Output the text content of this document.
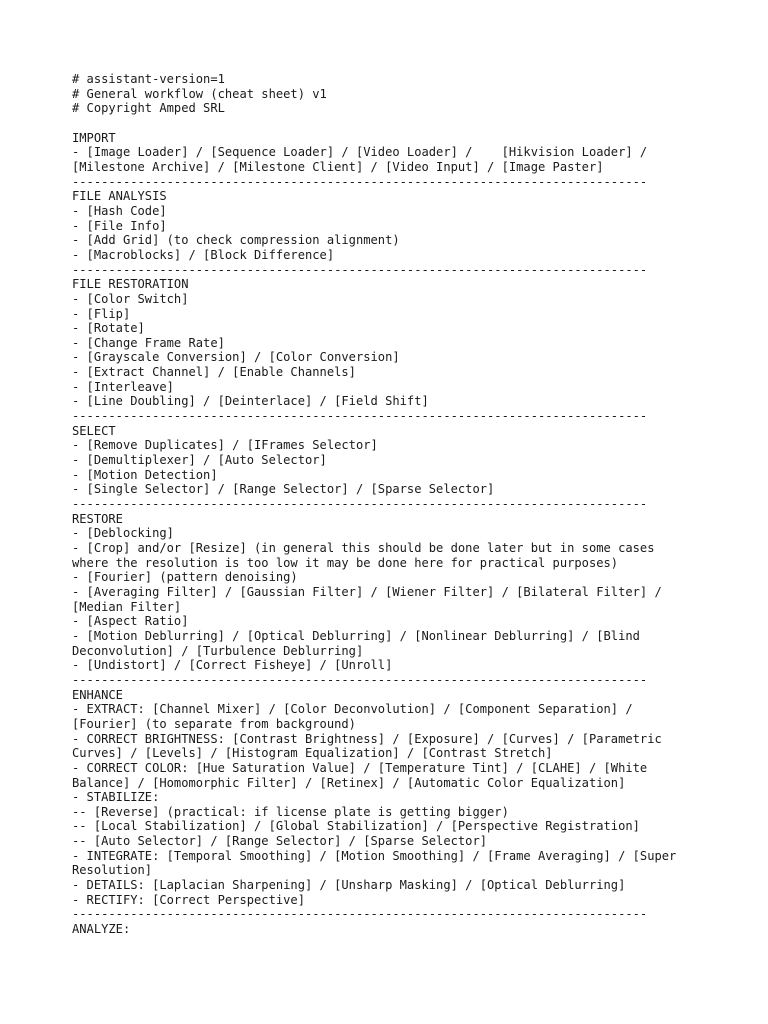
# assistant-version=1
# General workflow (cheat sheet) v1
# Copyright Amped SRL

IMPORT
- [Image Loader] / [Sequence Loader] / [Video Loader] /    [Hikvision Loader] /
[Milestone Archive] / [Milestone Client] / [Video Input] / [Image Paster]
-------------------------------------------------------------------------------
FILE ANALYSIS
- [Hash Code]
- [File Info]
- [Add Grid] (to check compression alignment)
- [Macroblocks] / [Block Difference]
-------------------------------------------------------------------------------
FILE RESTORATION
- [Color Switch]
- [Flip]
- [Rotate]
- [Change Frame Rate]
- [Grayscale Conversion] / [Color Conversion]
- [Extract Channel] / [Enable Channels]
- [Interleave]
- [Line Doubling] / [Deinterlace] / [Field Shift]
-------------------------------------------------------------------------------
SELECT
- [Remove Duplicates] / [IFrames Selector]
- [Demultiplexer] / [Auto Selector]
- [Motion Detection]
- [Single Selector] / [Range Selector] / [Sparse Selector]
-------------------------------------------------------------------------------
RESTORE
- [Deblocking]
- [Crop] and/or [Resize] (in general this should be done later but in some cases
where the resolution is too low it may be done here for practical purposes)
- [Fourier] (pattern denoising)
- [Averaging Filter] / [Gaussian Filter] / [Wiener Filter] / [Bilateral Filter] /
[Median Filter]
- [Aspect Ratio]
- [Motion Deblurring] / [Optical Deblurring] / [Nonlinear Deblurring] / [Blind
Deconvolution] / [Turbulence Deblurring]
- [Undistort] / [Correct Fisheye] / [Unroll]
-------------------------------------------------------------------------------
ENHANCE
- EXTRACT: [Channel Mixer] / [Color Deconvolution] / [Component Separation] /
[Fourier] (to separate from background)
- CORRECT BRIGHTNESS: [Contrast Brightness] / [Exposure] / [Curves] / [Parametric
Curves] / [Levels] / [Histogram Equalization] / [Contrast Stretch]
- CORRECT COLOR: [Hue Saturation Value] / [Temperature Tint] / [CLAHE] / [White
Balance] / [Homomorphic Filter] / [Retinex] / [Automatic Color Equalization]
- STABILIZE:
-- [Reverse] (practical: if license plate is getting bigger)
-- [Local Stabilization] / [Global Stabilization] / [Perspective Registration]
-- [Auto Selector] / [Range Selector] / [Sparse Selector]
- INTEGRATE: [Temporal Smoothing] / [Motion Smoothing] / [Frame Averaging] / [Super
Resolution]
- DETAILS: [Laplacian Sharpening] / [Unsharp Masking] / [Optical Deblurring]
- RECTIFY: [Correct Perspective]
-------------------------------------------------------------------------------
ANALYZE:
